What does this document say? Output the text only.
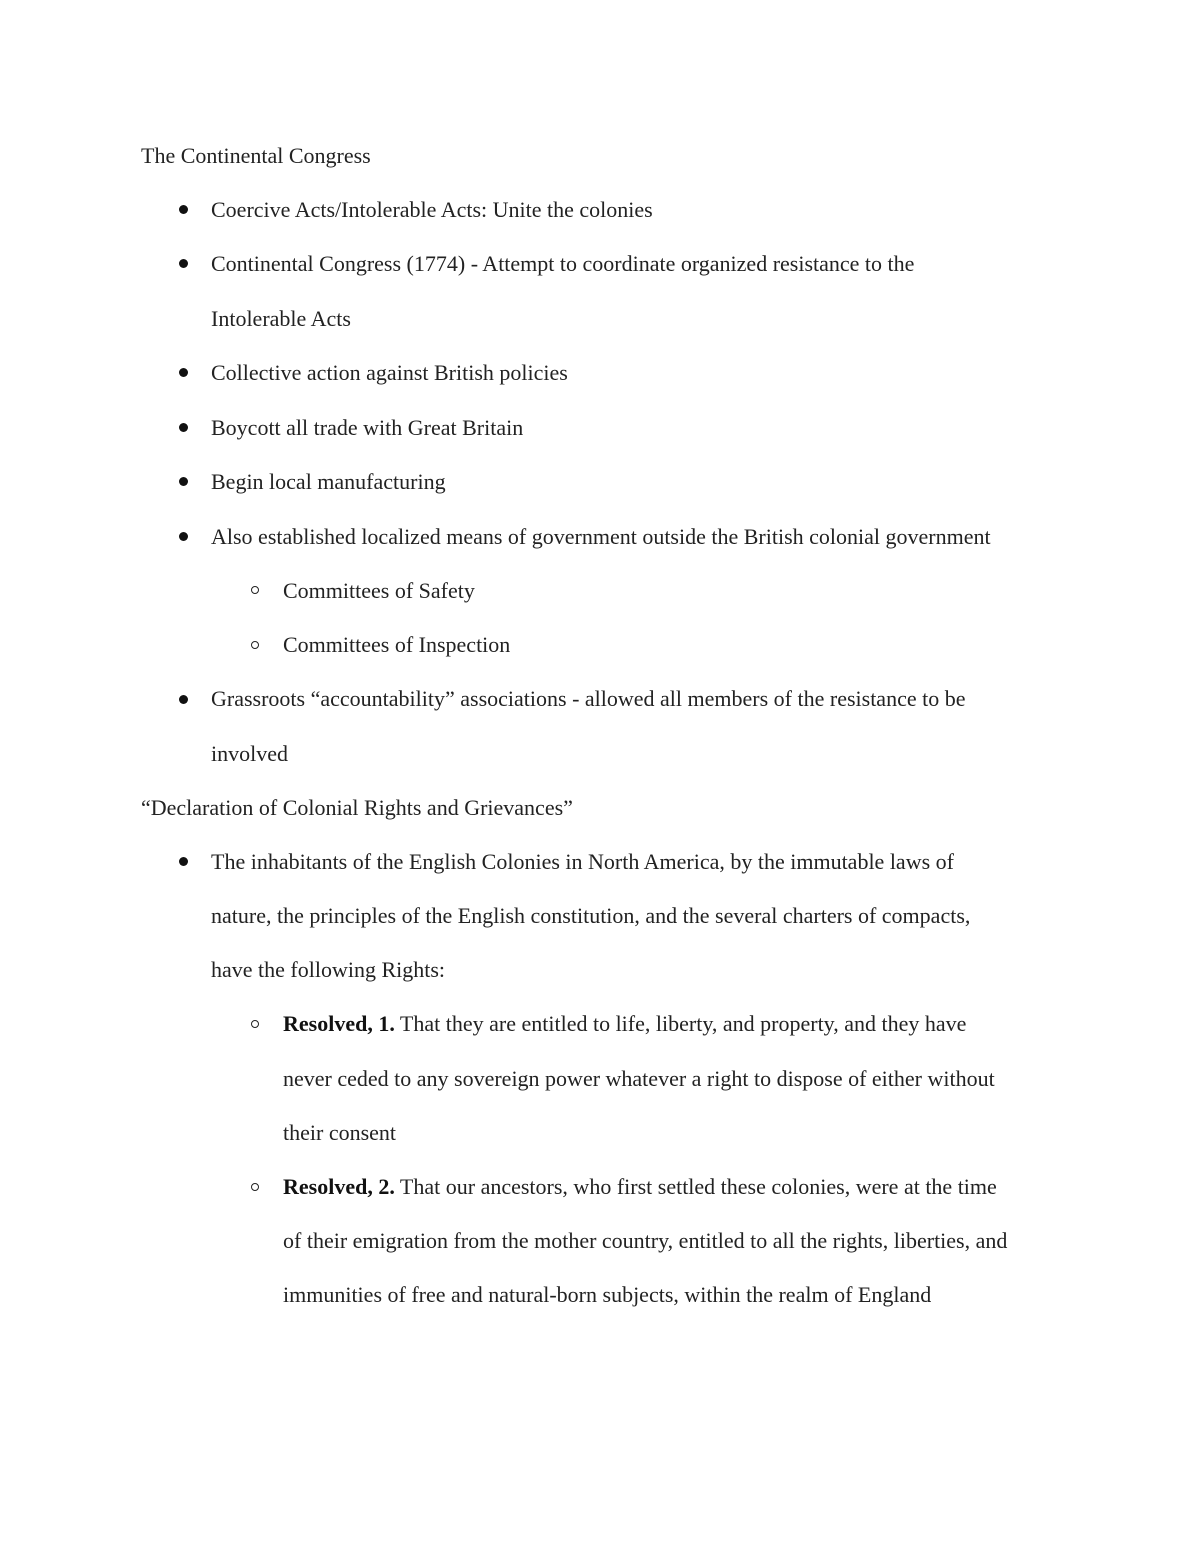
The Continental Congress
Coercive Acts/Intolerable Acts: Unite the colonies
Continental Congress (1774) - Attempt to coordinate organized resistance to the
Intolerable Acts
Collective action against British policies
Boycott all trade with Great Britain
Begin local manufacturing
Also established localized means of government outside the British colonial government
Committees of Safety
Committees of Inspection
Grassroots “accountability” associations - allowed all members of the resistance to be
involved
“Declaration of Colonial Rights and Grievances”
The inhabitants of the English Colonies in North America, by the immutable laws of
nature, the principles of the English constitution, and the several charters of compacts,
have the following Rights:
Resolved, 1. That they are entitled to life, liberty, and property, and they have
never ceded to any sovereign power whatever a right to dispose of either without
their consent
Resolved, 2. That our ancestors, who first settled these colonies, were at the time
of their emigration from the mother country, entitled to all the rights, liberties, and
immunities of free and natural-born subjects, within the realm of England
